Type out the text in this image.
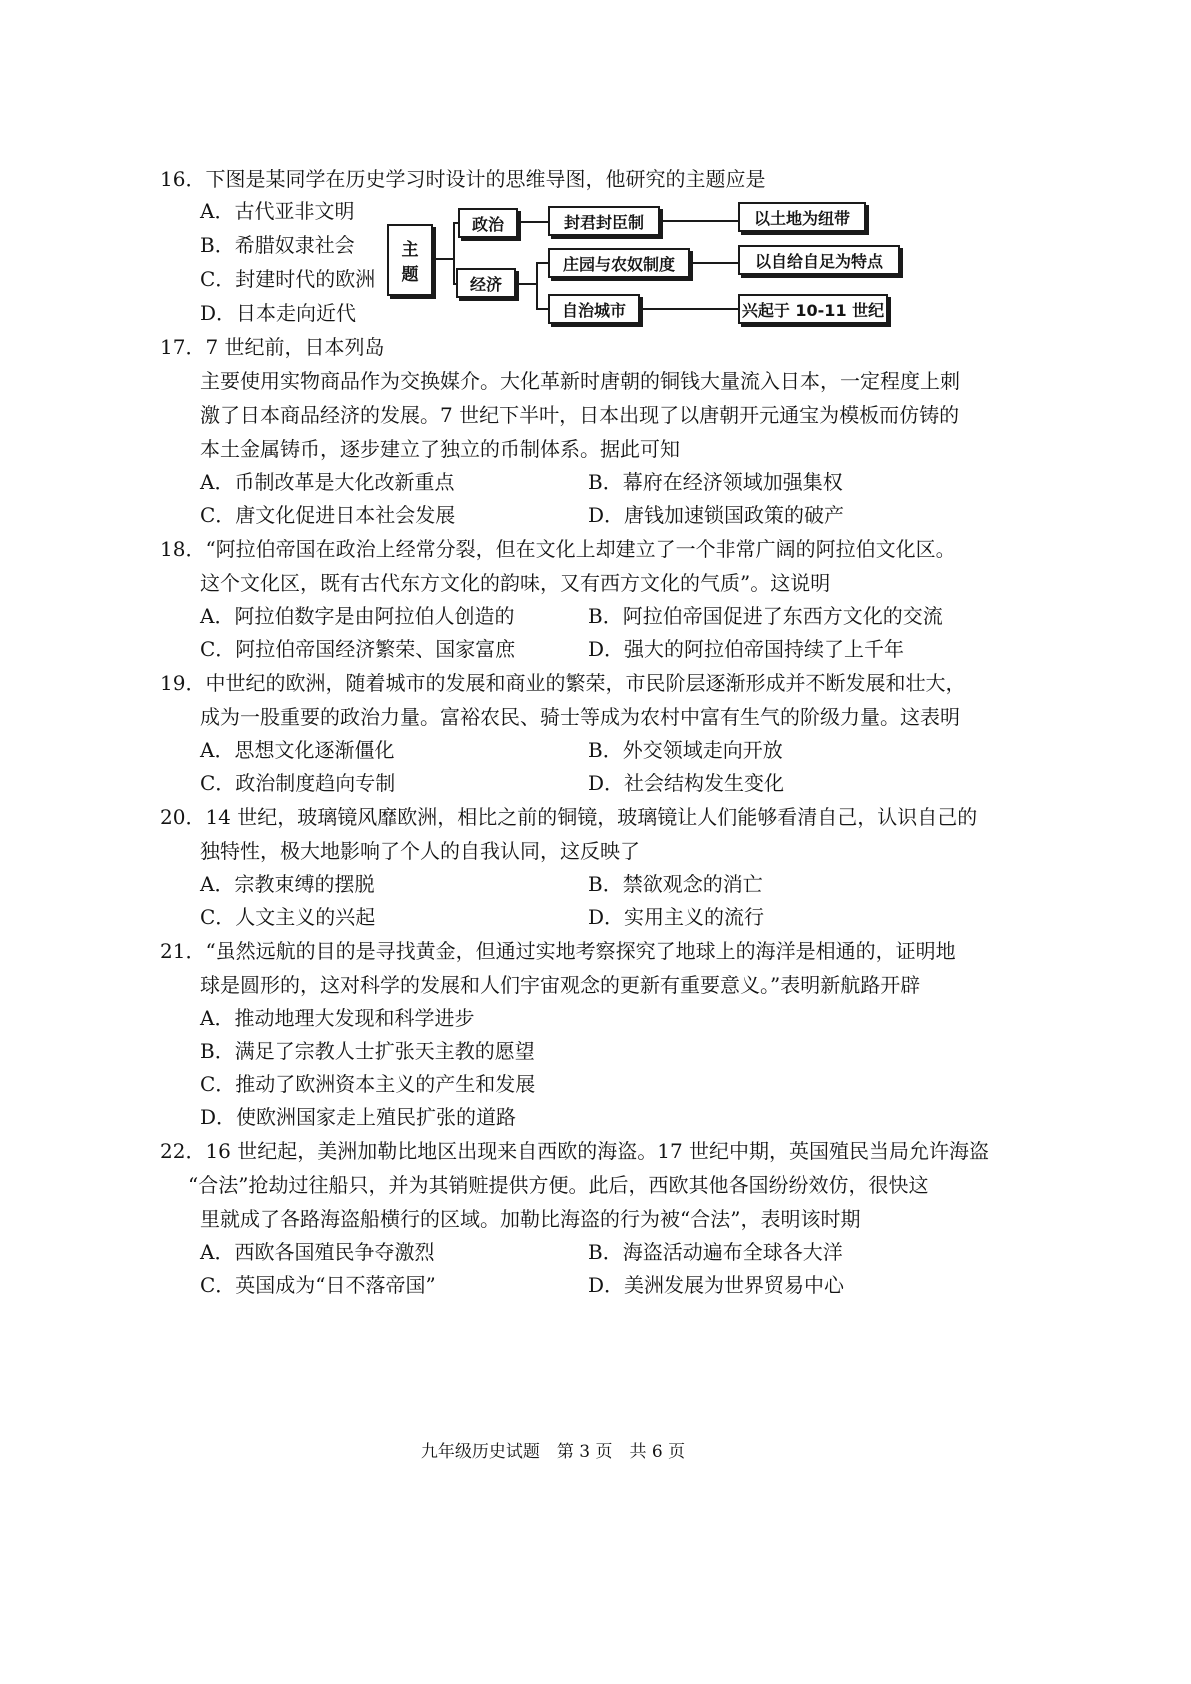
16．下图是某同学在历史学习时设计的思维导图，他研究的主题应是
A．古代亚非文明
B．希腊奴隶社会
C．封建时代的欧洲
D．日本走向近代
主
题
政治
经济
封君封臣制	以土地为纽带
庄园与农奴制度	以自给自足为特点
自治城市	兴起于 10-11 世纪
17．7 世纪前，日本列岛
主要使用实物商品作为交换媒介。大化革新时唐朝的铜钱大量流入日本，一定程度上刺
激了日本商品经济的发展。7 世纪下半叶，日本出现了以唐朝开元通宝为模板而仿铸的
本土金属铸币，逐步建立了独立的币制体系。据此可知
A．币制改革是大化改新重点	B．幕府在经济领域加强集权
C．唐文化促进日本社会发展	D．唐钱加速锁国政策的破产
18．“阿拉伯帝国在政治上经常分裂，但在文化上却建立了一个非常广阔的阿拉伯文化区。
这个文化区，既有古代东方文化的韵味，又有西方文化的气质”。这说明
A．阿拉伯数字是由阿拉伯人创造的	B．阿拉伯帝国促进了东西方文化的交流
C．阿拉伯帝国经济繁荣、国家富庶	D．强大的阿拉伯帝国持续了上千年
19．中世纪的欧洲，随着城市的发展和商业的繁荣，市民阶层逐渐形成并不断发展和壮大，
成为一股重要的政治力量。富裕农民、骑士等成为农村中富有生气的阶级力量。这表明
A．思想文化逐渐僵化	B．外交领域走向开放
C．政治制度趋向专制	D．社会结构发生变化
20．14 世纪，玻璃镜风靡欧洲，相比之前的铜镜，玻璃镜让人们能够看清自己，认识自己的
独特性，极大地影响了个人的自我认同，这反映了
A．宗教束缚的摆脱	B．禁欲观念的消亡
C．人文主义的兴起	D．实用主义的流行
21．“虽然远航的目的是寻找黄金，但通过实地考察探究了地球上的海洋是相通的，证明地
球是圆形的，这对科学的发展和人们宇宙观念的更新有重要意义。”表明新航路开辟
A．推动地理大发现和科学进步
B．满足了宗教人士扩张天主教的愿望
C．推动了欧洲资本主义的产生和发展
D．使欧洲国家走上殖民扩张的道路
22．16 世纪起，美洲加勒比地区出现来自西欧的海盗。17 世纪中期，英国殖民当局允许海盗
“合法”抢劫过往船只，并为其销赃提供方便。此后，西欧其他各国纷纷效仿，很快这
里就成了各路海盗船横行的区域。加勒比海盗的行为被“合法”，表明该时期
A．西欧各国殖民争夺激烈	B．海盗活动遍布全球各大洋
C．英国成为“日不落帝国”	D．美洲发展为世界贸易中心
九年级历史试题　第 3 页　共 6 页
